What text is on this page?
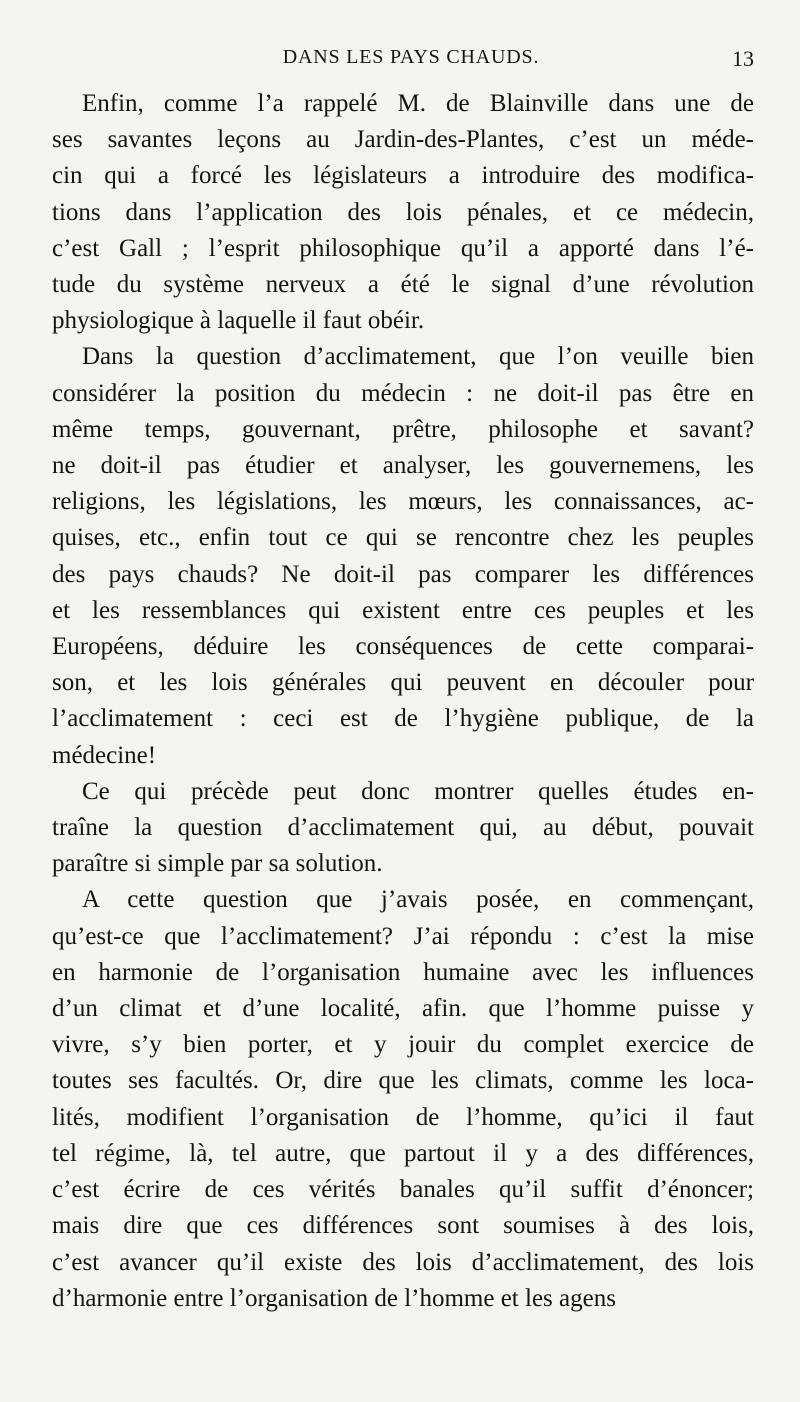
DANS LES PAYS CHAUDS.	13
Enfin, comme l’a rappelé M. de Blainville dans une de
ses savantes leçons au Jardin-des-Plantes, c’est un méde-
cin qui a forcé les législateurs a introduire des modifica-
tions dans l’application des lois pénales, et ce médecin,
c’est Gall ; l’esprit philosophique qu’il a apporté dans l’é-
tude du système nerveux a été le signal d’une révolution
physiologique à laquelle il faut obéir.
Dans la question d’acclimatement, que l’on veuille bien
considérer la position du médecin : ne doit-il pas être en
même temps, gouvernant, prêtre, philosophe et savant?
ne doit-il pas étudier et analyser, les gouvernemens, les
religions, les législations, les mœurs, les connaissances, ac-
quises, etc., enfin tout ce qui se rencontre chez les peuples
des pays chauds? Ne doit-il pas comparer les différences
et les ressemblances qui existent entre ces peuples et les
Européens, déduire les conséquences de cette comparai-
son, et les lois générales qui peuvent en découler pour
l’acclimatement : ceci est de l’hygiène publique, de la
médecine!
Ce qui précède peut donc montrer quelles études en-
traîne la question d’acclimatement qui, au début, pouvait
paraître si simple par sa solution.
A cette question que j’avais posée, en commençant,
qu’est-ce que l’acclimatement? J’ai répondu : c’est la mise
en harmonie de l’organisation humaine avec les influences
d’un climat et d’une localité, afin. que l’homme puisse y
vivre, s’y bien porter, et y jouir du complet exercice de
toutes ses facultés. Or, dire que les climats, comme les loca-
lités, modifient l’organisation de l’homme, qu’ici il faut
tel régime, là, tel autre, que partout il y a des différences,
c’est écrire de ces vérités banales qu’il suffit d’énoncer;
mais dire que ces différences sont soumises à des lois,
c’est avancer qu’il existe des lois d’acclimatement, des lois
d’harmonie entre l’organisation de l’homme et les agens
